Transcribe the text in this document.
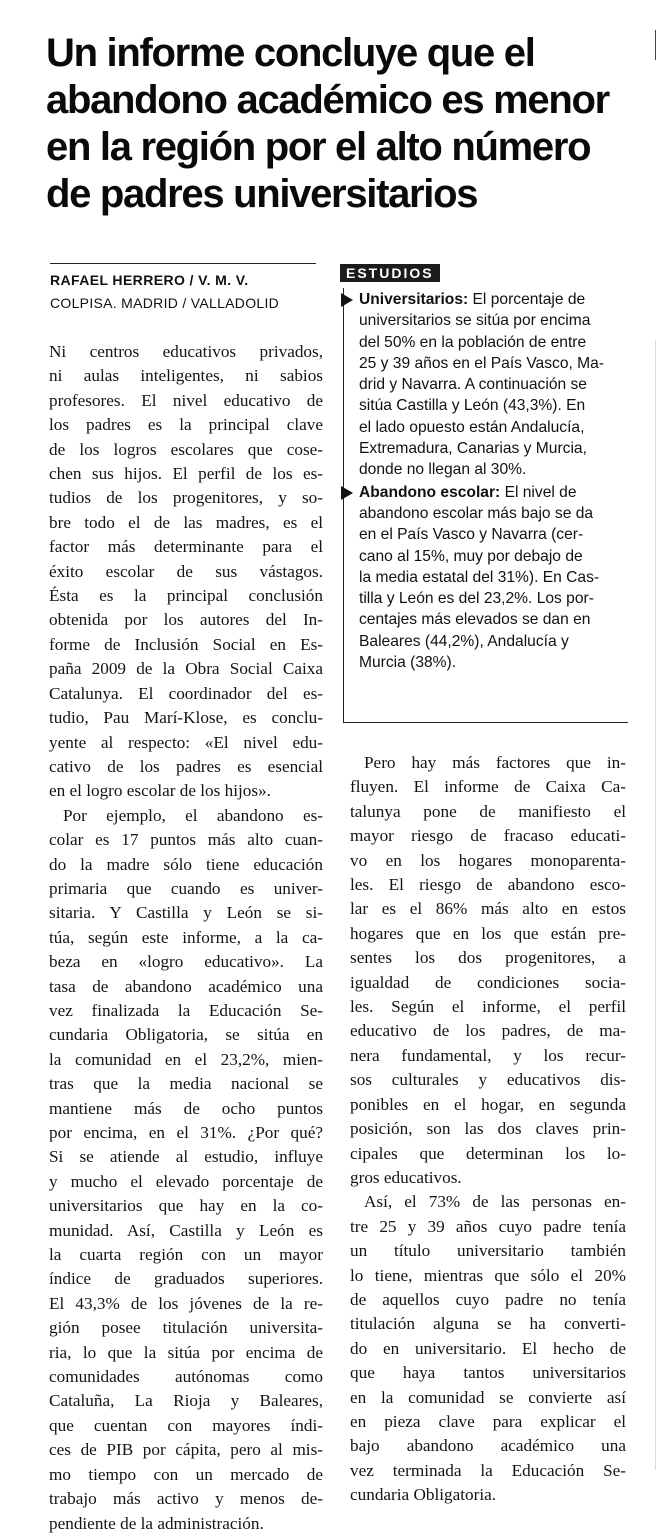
Un informe concluye que el
abandono académico es menor
en la región por el alto número
de padres universitarios
RAFAEL HERRERO / V. M. V.
COLPISA. MADRID / VALLADOLID

Ni centros educativos privados,
ni aulas inteligentes, ni sabios
profesores. El nivel educativo de
los padres es la principal clave
de los logros escolares que cose-
chen sus hijos. El perfil de los es-
tudios de los progenitores, y so-
bre todo el de las madres, es el
factor más determinante para el
éxito escolar de sus vástagos.
Ésta es la principal conclusión
obtenida por los autores del In-
forme de Inclusión Social en Es-
paña 2009 de la Obra Social Caixa
Catalunya. El coordinador del es-
tudio, Pau Marí-Klose, es conclu-
yente al respecto: «El nivel edu-
cativo de los padres es esencial
en el logro escolar de los hijos».

Por ejemplo, el abandono es-
colar es 17 puntos más alto cuan-
do la madre sólo tiene educación
primaria que cuando es univer-
sitaria. Y Castilla y León se si-
túa, según este informe, a la ca-
beza en «logro educativo». La
tasa de abandono académico una
vez finalizada la Educación Se-
cundaria Obligatoria, se sitúa en
la comunidad en el 23,2%, mien-
tras que la media nacional se
mantiene más de ocho puntos
por encima, en el 31%. ¿Por qué?
Si se atiende al estudio, influye
y mucho el elevado porcentaje de
universitarios que hay en la co-
munidad. Así, Castilla y León es
la cuarta región con un mayor
índice de graduados superiores.
El 43,3% de los jóvenes de la re-
gión posee titulación universita-
ria, lo que la sitúa por encima de
comunidades autónomas como
Cataluña, La Rioja y Baleares,
que cuentan con mayores índi-
ces de PIB por cápita, pero al mis-
mo tiempo con un mercado de
trabajo más activo y menos de-
pendiente de la administración.

ESTUDIOS
Universitarios: El porcentaje de
universitarios se sitúa por encima
del 50% en la población de entre
25 y 39 años en el País Vasco, Ma-
drid y Navarra. A continuación se
sitúa Castilla y León (43,3%). En
el lado opuesto están Andalucía,
Extremadura, Canarias y Murcia,
donde no llegan al 30%.
Abandono escolar: El nivel de
abandono escolar más bajo se da
en el País Vasco y Navarra (cer-
cano al 15%, muy por debajo de
la media estatal del 31%). En Cas-
tilla y León es del 23,2%. Los por-
centajes más elevados se dan en
Baleares (44,2%), Andalucía y
Murcia (38%).

Pero hay más factores que in-
fluyen. El informe de Caixa Ca-
talunya pone de manifiesto el
mayor riesgo de fracaso educati-
vo en los hogares monoparenta-
les. El riesgo de abandono esco-
lar es el 86% más alto en estos
hogares que en los que están pre-
sentes los dos progenitores, a
igualdad de condiciones socia-
les. Según el informe, el perfil
educativo de los padres, de ma-
nera fundamental, y los recur-
sos culturales y educativos dis-
ponibles en el hogar, en segunda
posición, son las dos claves prin-
cipales que determinan los lo-
gros educativos.

Así, el 73% de las personas en-
tre 25 y 39 años cuyo padre tenía
un título universitario también
lo tiene, mientras que sólo el 20%
de aquellos cuyo padre no tenía
titulación alguna se ha converti-
do en universitario. El hecho de
que haya tantos universitarios
en la comunidad se convierte así
en pieza clave para explicar el
bajo abandono académico una
vez terminada la Educación Se-
cundaria Obligatoria.
